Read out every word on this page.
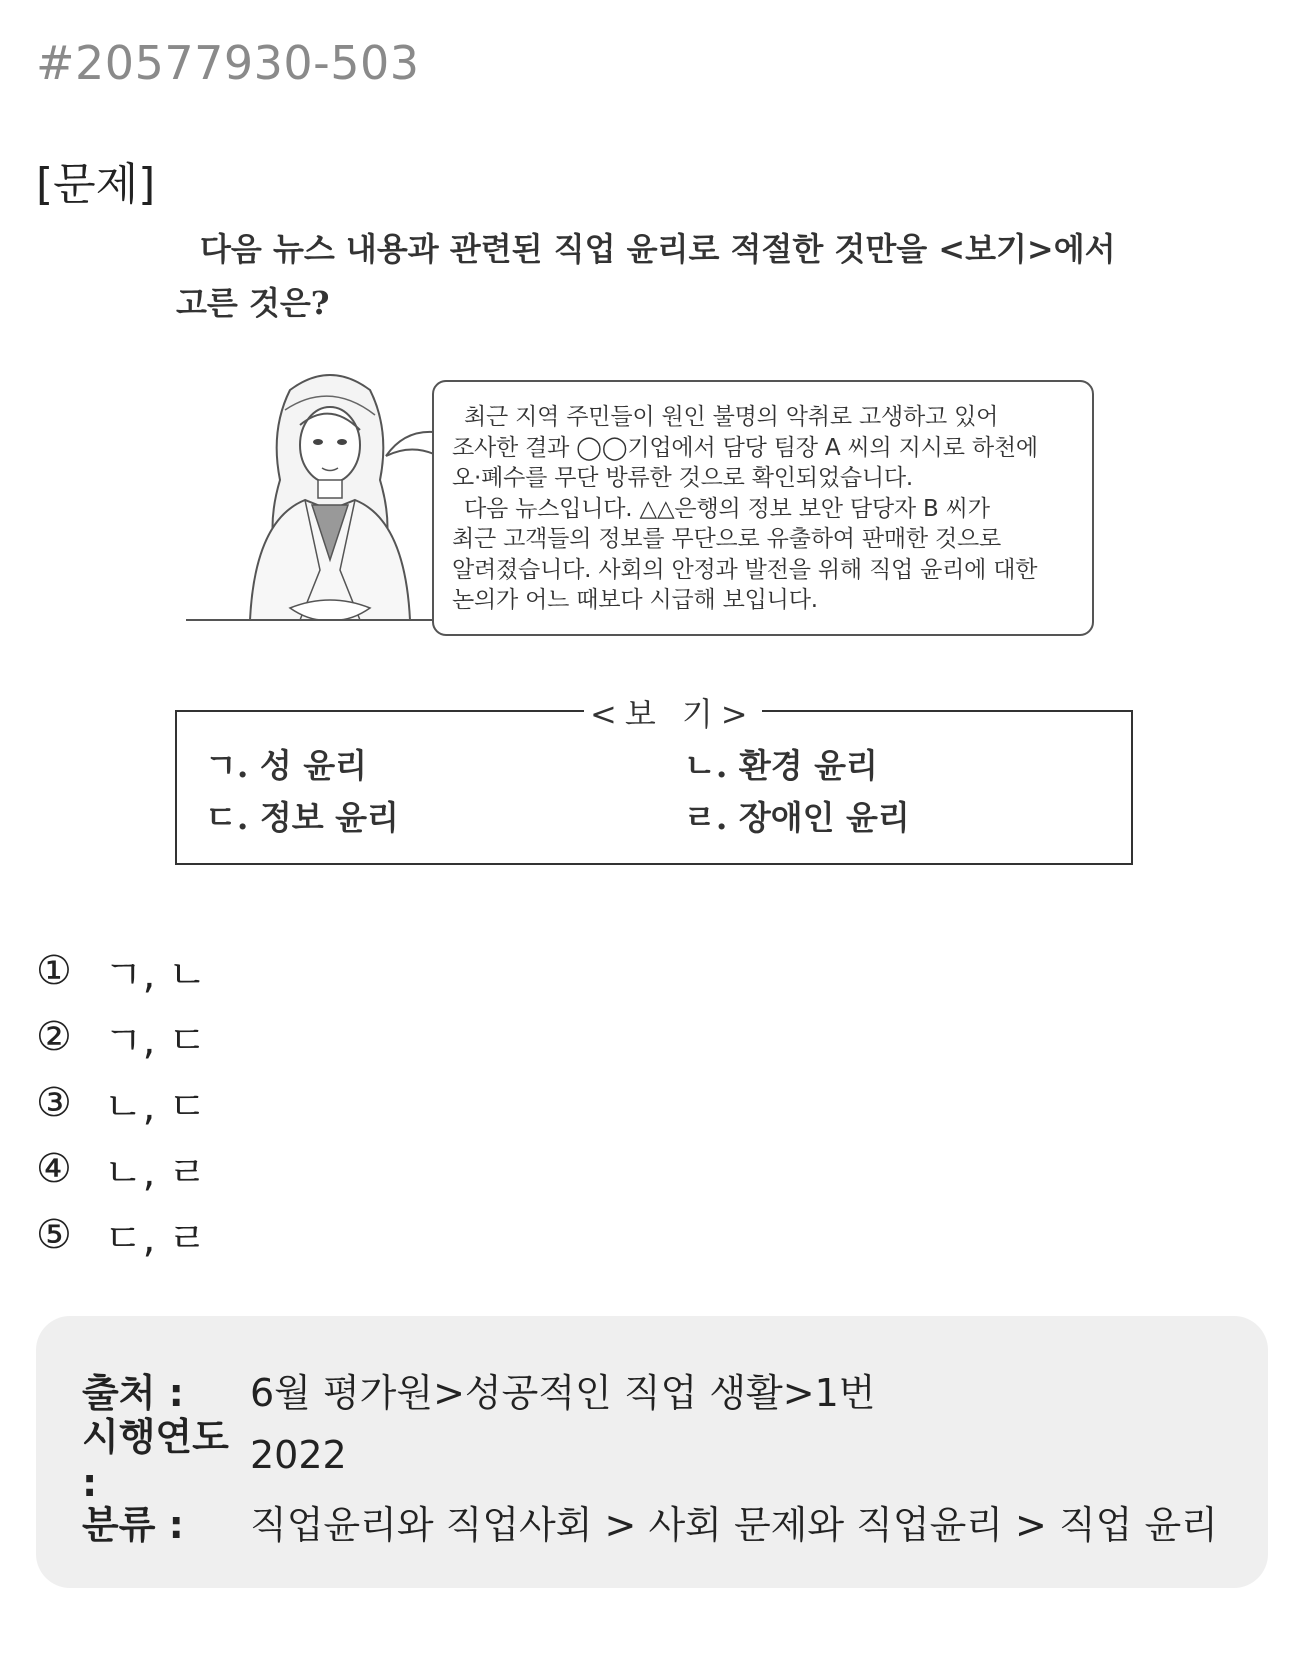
#20577930-503
[문제]
다음 뉴스 내용과 관련된 직업 윤리로 적절한 것만을 <보기>에서
고른 것은?

최근 지역 주민들이 원인 불명의 악취로 고생하고 있어

조사한 결과 ◯◯기업에서 담당 팀장 A 씨의 지시로 하천에

오·폐수를 무단 방류한 것으로 확인되었습니다.

다음 뉴스입니다. △△은행의 정보 보안 담당자 B 씨가

최근 고객들의 정보를 무단으로 유출하여 판매한 것으로

알려졌습니다. 사회의 안정과 발전을 위해 직업 윤리에 대한

논의가 어느 때보다 시급해 보입니다.

<보 기>
ㄱ. 성 윤리	ㄴ. 환경 윤리
ㄷ. 정보 윤리	ㄹ. 장애인 윤리
① ㄱ, ㄴ
② ㄱ, ㄷ
③ ㄴ, ㄷ
④ ㄴ, ㄹ
⑤ ㄷ, ㄹ
출처 :	6월 평가원>성공적인 직업 생활>1번
시행연도 :
2022
분류 :	직업윤리와 직업사회 > 사회 문제와 직업윤리 > 직업 윤리
